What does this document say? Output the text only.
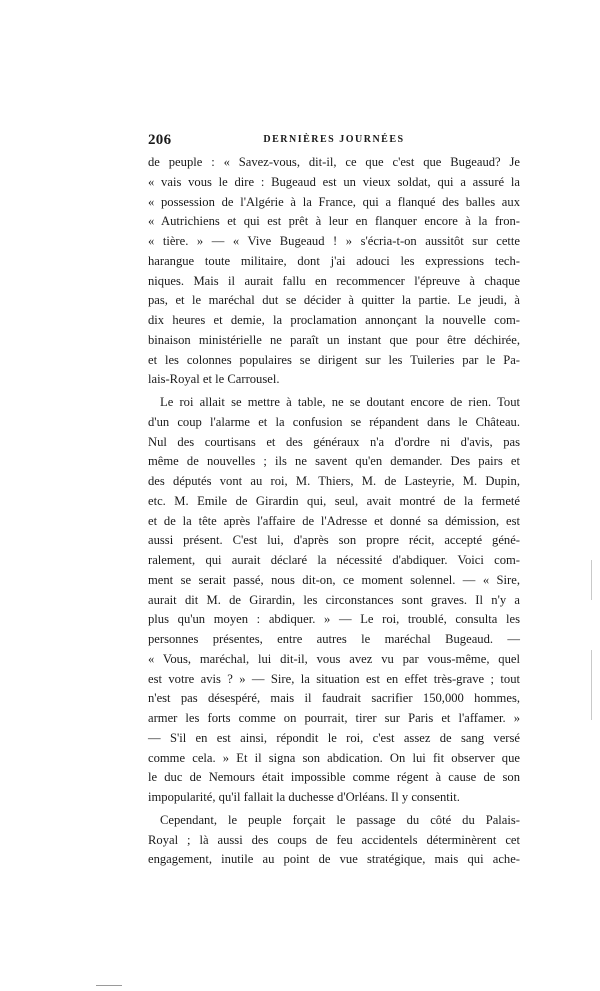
206	DERNIÈRES JOURNÉES
de peuple : « Savez-vous, dit-il, ce que c'est que Bugeaud? Je
« vais vous le dire : Bugeaud est un vieux soldat, qui a assuré la
« possession de l'Algérie à la France, qui a flanqué des balles aux
« Autrichiens et qui est prêt à leur en flanquer encore à la fron-
« tière. » — « Vive Bugeaud ! » s'écria-t-on aussitôt sur cette
harangue toute militaire, dont j'ai adouci les expressions tech-
niques. Mais il aurait fallu en recommencer l'épreuve à chaque
pas, et le maréchal dut se décider à quitter la partie. Le jeudi, à
dix heures et demie, la proclamation annonçant la nouvelle com-
binaison ministérielle ne paraît un instant que pour être déchirée,
et les colonnes populaires se dirigent sur les Tuileries par le Pa-
lais-Royal et le Carrousel.
Le roi allait se mettre à table, ne se doutant encore de rien. Tout
d'un coup l'alarme et la confusion se répandent dans le Château.
Nul des courtisans et des généraux n'a d'ordre ni d'avis, pas
même de nouvelles ; ils ne savent qu'en demander. Des pairs et
des députés vont au roi, M. Thiers, M. de Lasteyrie, M. Dupin,
etc. M. Emile de Girardin qui, seul, avait montré de la fermeté
et de la tête après l'affaire de l'Adresse et donné sa démission, est
aussi présent. C'est lui, d'après son propre récit, accepté géné-
ralement, qui aurait déclaré la nécessité d'abdiquer. Voici com-
ment se serait passé, nous dit-on, ce moment solennel. — « Sire,
aurait dit M. de Girardin, les circonstances sont graves. Il n'y a
plus qu'un moyen : abdiquer. » — Le roi, troublé, consulta les
personnes présentes, entre autres le maréchal Bugeaud. —
« Vous, maréchal, lui dit-il, vous avez vu par vous-même, quel
est votre avis ? » — Sire, la situation est en effet très-grave ; tout
n'est pas désespéré, mais il faudrait sacrifier 150,000 hommes,
armer les forts comme on pourrait, tirer sur Paris et l'affamer. »
— S'il en est ainsi, répondit le roi, c'est assez de sang versé
comme cela. » Et il signa son abdication. On lui fit observer que
le duc de Nemours était impossible comme régent à cause de son
impopularité, qu'il fallait la duchesse d'Orléans. Il y consentit.
Cependant, le peuple forçait le passage du côté du Palais-
Royal ; là aussi des coups de feu accidentels déterminèrent cet
engagement, inutile au point de vue stratégique, mais qui ache-
